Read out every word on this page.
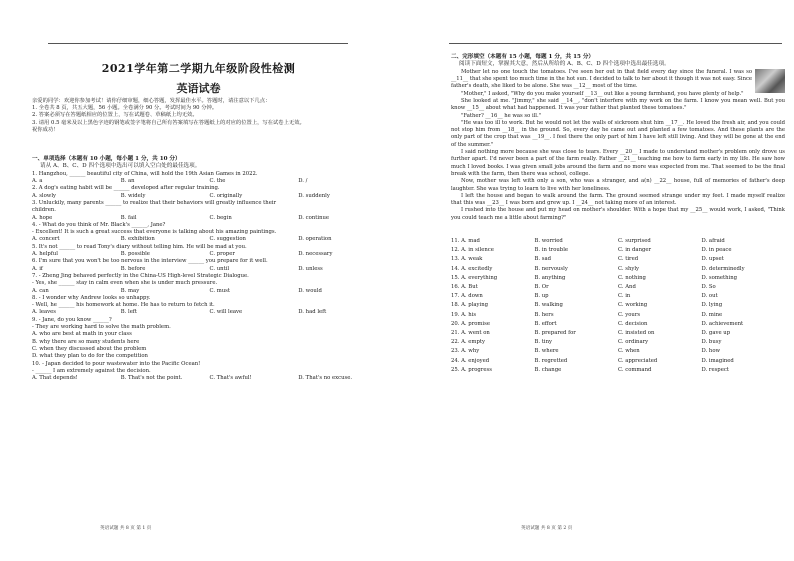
2021学年第二学期九年级阶段性检测
英语试卷
亲爱的同学：欢迎你参加考试！请你仔细审题，细心答题，发挥最佳水平。答题时，请注意以下几点：
1. 全卷共 8 页，共五大题，56 小题。全卷满分 90 分。考试时间为 90 分钟。
2. 答案必须写在答题纸相应的位置上，写在试题卷、草稿纸上均无效。
3. 请用 0.5 毫米及以上黑色字迹的钢笔或签字笔将自己所有答案填写在答题纸上的对应的位置上，写在试卷上无效。
祝你成功！
一、单项选择（本题有 10 小题，每小题 1 分，共 10 分）
请从 A、B、C、D 四个选项中选出可以填入空白处的最佳选项。
1. Hangzhou, ______ beautiful city of China, will hold the 19th Asian Games in 2022.
A. a	B. an	C. the	D. /
2. A dog's eating habit will be ______ developed after regular training.
A. slowly	B. widely	C. originally	D. suddenly
3. Unluckily, many parents ______ to realize that their behaviors will greatly influence their
children.
A. hope	B. fail	C. begin	D. continue
4. - What do you think of Mr. Black's ______, Jane?
- Excellent! It is such a great success that everyone is talking about his amazing paintings.
A. concert	B. exhibition	C. suggestion	D. operation
5. It's not ______ to read Tony's diary without telling him. He will be mad at you.
A. helpful	B. possible	C. proper	D. necessary
6. I'm sure that you won't be too nervous in the interview ______ you prepare for it well.
A. if	B. before	C. until	D. unless
7. - Zheng Jing behaved perfectly in the China-US High-level Strategic Dialogue.
- Yes, she ______ stay in calm even when she is under much pressure.
A. can	B. may	C. must	D. would
8. - I wonder why Andrew looks so unhappy.
- Well, he ______ his homework at home. He has to return to fetch it.
A. leaves	B. left	C. will leave	D. had left
9. - Jane, do you know ______?
- They are working hard to solve the math problem.
A. who are best at math in your class
B. why there are so many students here
C. when they discussed about the problem
D. what they plan to do for the competition
10. - Japan decided to pour wastewater into the Pacific Ocean!
- ______ I am extremely against the decision.
A. That depends!	B. That's not the point.	C. That's awful!	D. That's no excuse.
英语试题 共 8 页 第 1 页
二、完形填空（本题有 15 小题，每题 1 分，共 15 分）
阅读下面短文，掌握其大意，然后从所给的 A、B、C、D 四个选项中选出最佳选项。

Mother let no one touch the tomatoes. I've seen her out in that field every day since the funeral. I was so __11__ that she spent too much time in the hot sun. I decided to talk to her about it though it was not easy. Since father's death, she liked to be alone. She was __12__ most of the time.

"Mother," I asked, "Why do you make yourself __13__ out like a young farmhand, you have plenty of help."

She looked at me. "Jimmy," she said __14__, "don't interfere with my work on the farm. I know you mean well. But you know __15__ about what had happened. It was your father that planted these tomatoes."

"Father? __16__ he was so ill."

"He was too ill to work. But he would not let the walls of sickroom shut him __17__. He loved the fresh air, and you could not stop him from __18__ in the ground. So, every day he came out and planted a few tomatoes. And these plants are the only part of the crop that was __19__. I feel there the only part of him I have left still living. And they will be gone at the end of the summer."

I said nothing more because she was close to tears. Every __20__ I made to understand mother's problem only drove us further apart. I'd never been a part of the farm really. Father __21__ teaching me how to farm early in my life. He saw how much I loved books. I was given small jobs around the farm and no more was expected from me. That seemed to be the final break with the farm, then there was school, college.

Now, mother was left with only a son, who was a stranger, and a(n) __22__ house, full of memories of father's deep laughter. She was trying to learn to live with her loneliness.

I left the house and began to walk around the farm. The ground seemed strange under my feet. I made myself realize that this was __23__ I was born and grew up. I __24__ not taking more of an interest.

I rushed into the house and put my head on mother's shoulder. With a hope that my __25__ would work, I asked, "Think you could teach me a little about farming?"

11. A. mad	B. worried	C. surprised	D. afraid
12. A. in silence	B. in trouble	C. in danger	D. in peace
13. A. weak	B. sad	C. tired	D. upset
14. A. excitedly	B. nervously	C. shyly	D. determinedly
15. A. everything	B. anything	C. nothing	D. something
16. A. But	B. Or	C. And	D. So
17. A. down	B. up	C. in	D. out
18. A. playing	B. walking	C. working	D. lying
19. A. his	B. hers	C. yours	D. mine
20. A. promise	B. effort	C. decision	D. achievement
21. A. went on	B. prepared for	C. insisted on	D. gave up
22. A. empty	B. tiny	C. ordinary	D. busy
23. A. why	B. where	C. when	D. how
24. A. enjoyed	B. regretted	C. appreciated	D. imagined
25. A. progress	B. change	C. command	D. respect
英语试题 共 8 页 第 2 页
